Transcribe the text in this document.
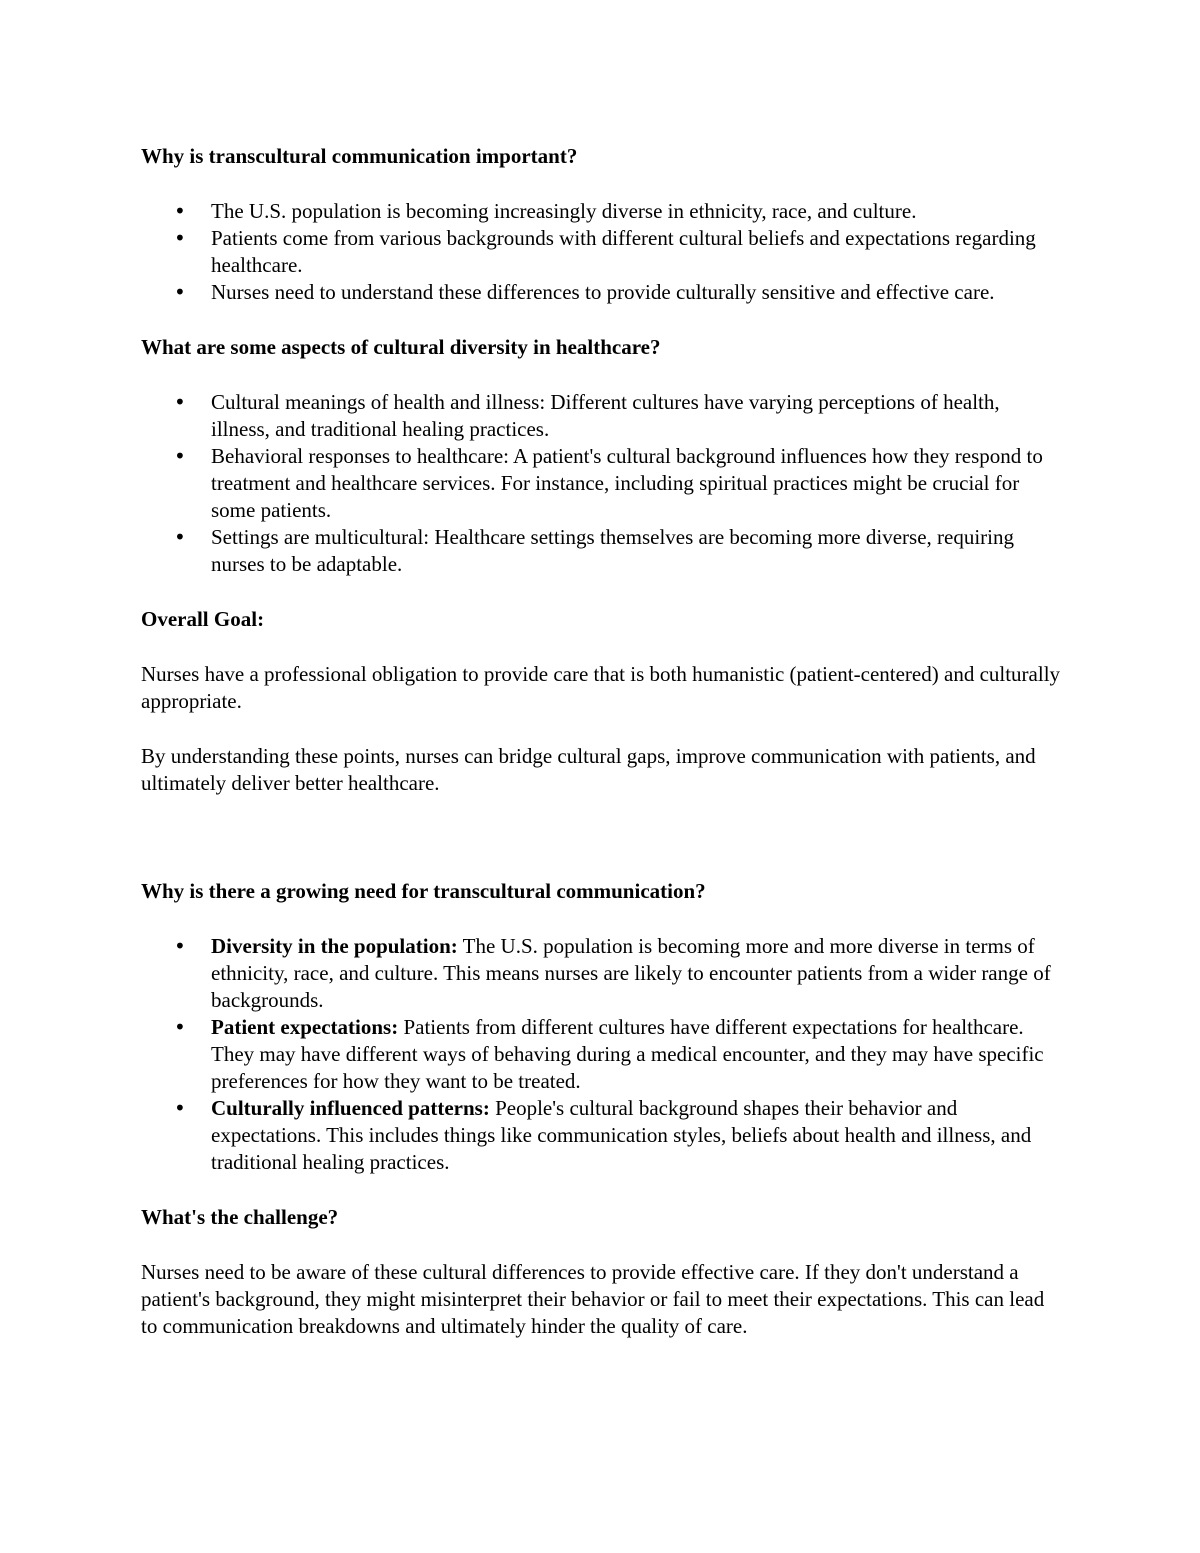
Why is transcultural communication important?
• The U.S. population is becoming increasingly diverse in ethnicity, race, and culture.
• Patients come from various backgrounds with different cultural beliefs and expectations regarding healthcare.
• Nurses need to understand these differences to provide culturally sensitive and effective care.
What are some aspects of cultural diversity in healthcare?
• Cultural meanings of health and illness: Different cultures have varying perceptions of health, illness, and traditional healing practices.
• Behavioral responses to healthcare: A patient's cultural background influences how they respond to treatment and healthcare services. For instance, including spiritual practices might be crucial for some patients.
• Settings are multicultural: Healthcare settings themselves are becoming more diverse, requiring nurses to be adaptable.
Overall Goal:

Nurses have a professional obligation to provide care that is both humanistic (patient-centered) and culturally appropriate.

By understanding these points, nurses can bridge cultural gaps, improve communication with patients, and ultimately deliver better healthcare.

Why is there a growing need for transcultural communication?
• Diversity in the population: The U.S. population is becoming more and more diverse in terms of ethnicity, race, and culture. This means nurses are likely to encounter patients from a wider range of backgrounds.
• Patient expectations: Patients from different cultures have different expectations for healthcare. They may have different ways of behaving during a medical encounter, and they may have specific preferences for how they want to be treated.
• Culturally influenced patterns: People's cultural background shapes their behavior and expectations. This includes things like communication styles, beliefs about health and illness, and traditional healing practices.
What's the challenge?

Nurses need to be aware of these cultural differences to provide effective care. If they don't understand a patient's background, they might misinterpret their behavior or fail to meet their expectations. This can lead to communication breakdowns and ultimately hinder the quality of care.
